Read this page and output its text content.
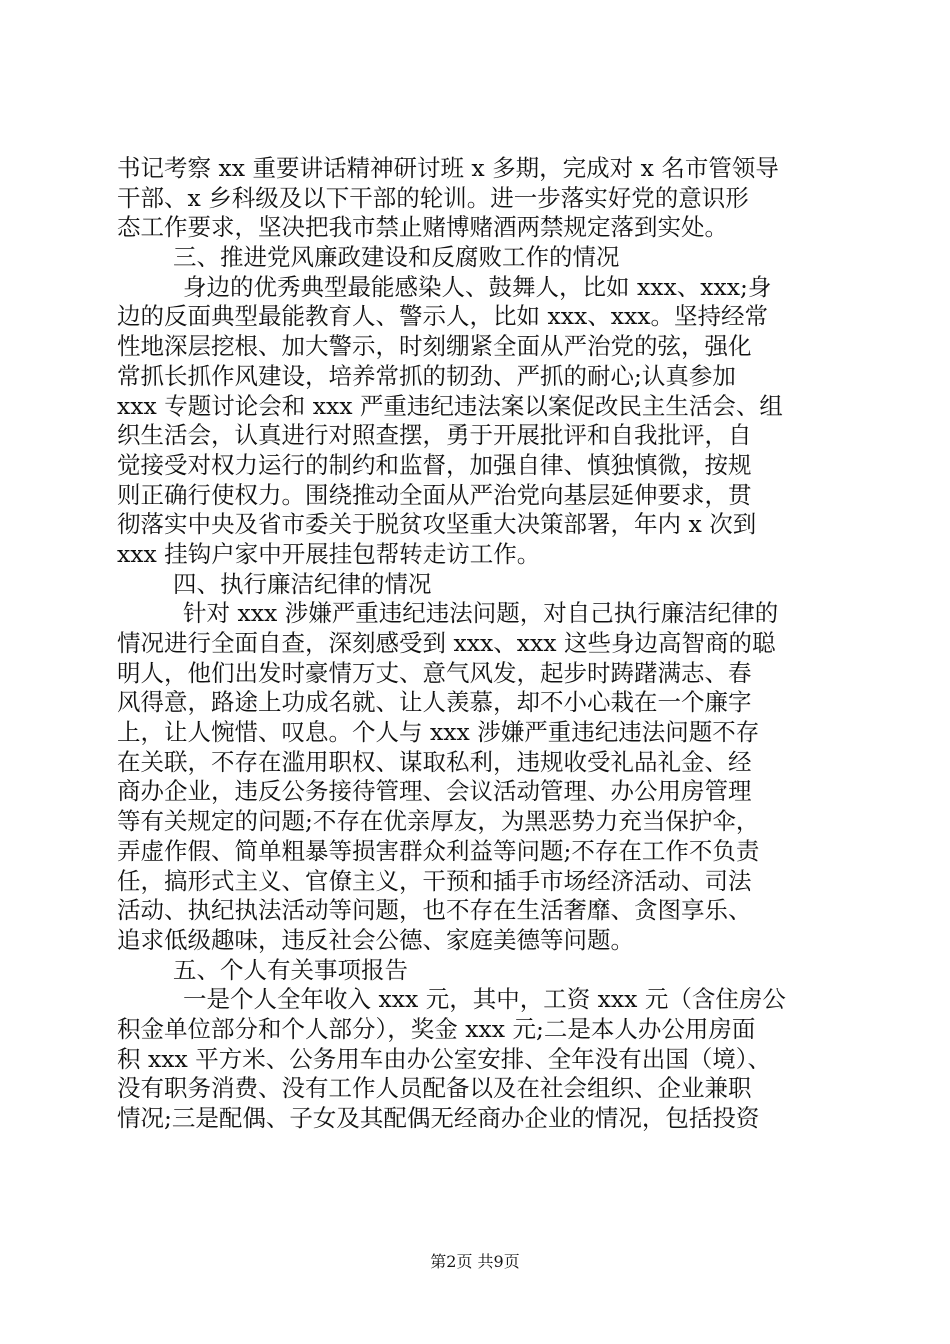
书记考察 xx 重要讲话精神研讨班 x 多期，完成对 x 名市管领导
干部、x 乡科级及以下干部的轮训。进一步落实好党的意识形
态工作要求，坚决把我市禁止赌博赌酒两禁规定落到实处。
三、推进党风廉政建设和反腐败工作的情况
身边的优秀典型最能感染人、鼓舞人，比如 xxx、xxx;身
边的反面典型最能教育人、警示人，比如 xxx、xxx。坚持经常
性地深层挖根、加大警示，时刻绷紧全面从严治党的弦，强化
常抓长抓作风建设，培养常抓的韧劲、严抓的耐心;认真参加
xxx 专题讨论会和 xxx 严重违纪违法案以案促改民主生活会、组
织生活会，认真进行对照查摆，勇于开展批评和自我批评，自
觉接受对权力运行的制约和监督，加强自律、慎独慎微，按规
则正确行使权力。围绕推动全面从严治党向基层延伸要求，贯
彻落实中央及省市委关于脱贫攻坚重大决策部署，年内 x 次到
xxx 挂钩户家中开展挂包帮转走访工作。
四、执行廉洁纪律的情况
针对 xxx 涉嫌严重违纪违法问题，对自己执行廉洁纪律的
情况进行全面自查，深刻感受到 xxx、xxx 这些身边高智商的聪
明人，他们出发时豪情万丈、意气风发，起步时踌躇满志、春
风得意，路途上功成名就、让人羡慕，却不小心栽在一个廉字
上，让人惋惜、叹息。个人与 xxx 涉嫌严重违纪违法问题不存
在关联，不存在滥用职权、谋取私利，违规收受礼品礼金、经
商办企业，违反公务接待管理、会议活动管理、办公用房管理
等有关规定的问题;不存在优亲厚友，为黑恶势力充当保护伞，
弄虚作假、简单粗暴等损害群众利益等问题;不存在工作不负责
任，搞形式主义、官僚主义，干预和插手市场经济活动、司法
活动、执纪执法活动等问题，也不存在生活奢靡、贪图享乐、
追求低级趣味，违反社会公德、家庭美德等问题。
五、个人有关事项报告
一是个人全年收入 xxx 元，其中，工资 xxx 元（含住房公
积金单位部分和个人部分），奖金 xxx 元;二是本人办公用房面
积 xxx 平方米、公务用车由办公室安排、全年没有出国（境）、
没有职务消费、没有工作人员配备以及在社会组织、企业兼职
情况;三是配偶、子女及其配偶无经商办企业的情况，包括投资
第2页 共9页
